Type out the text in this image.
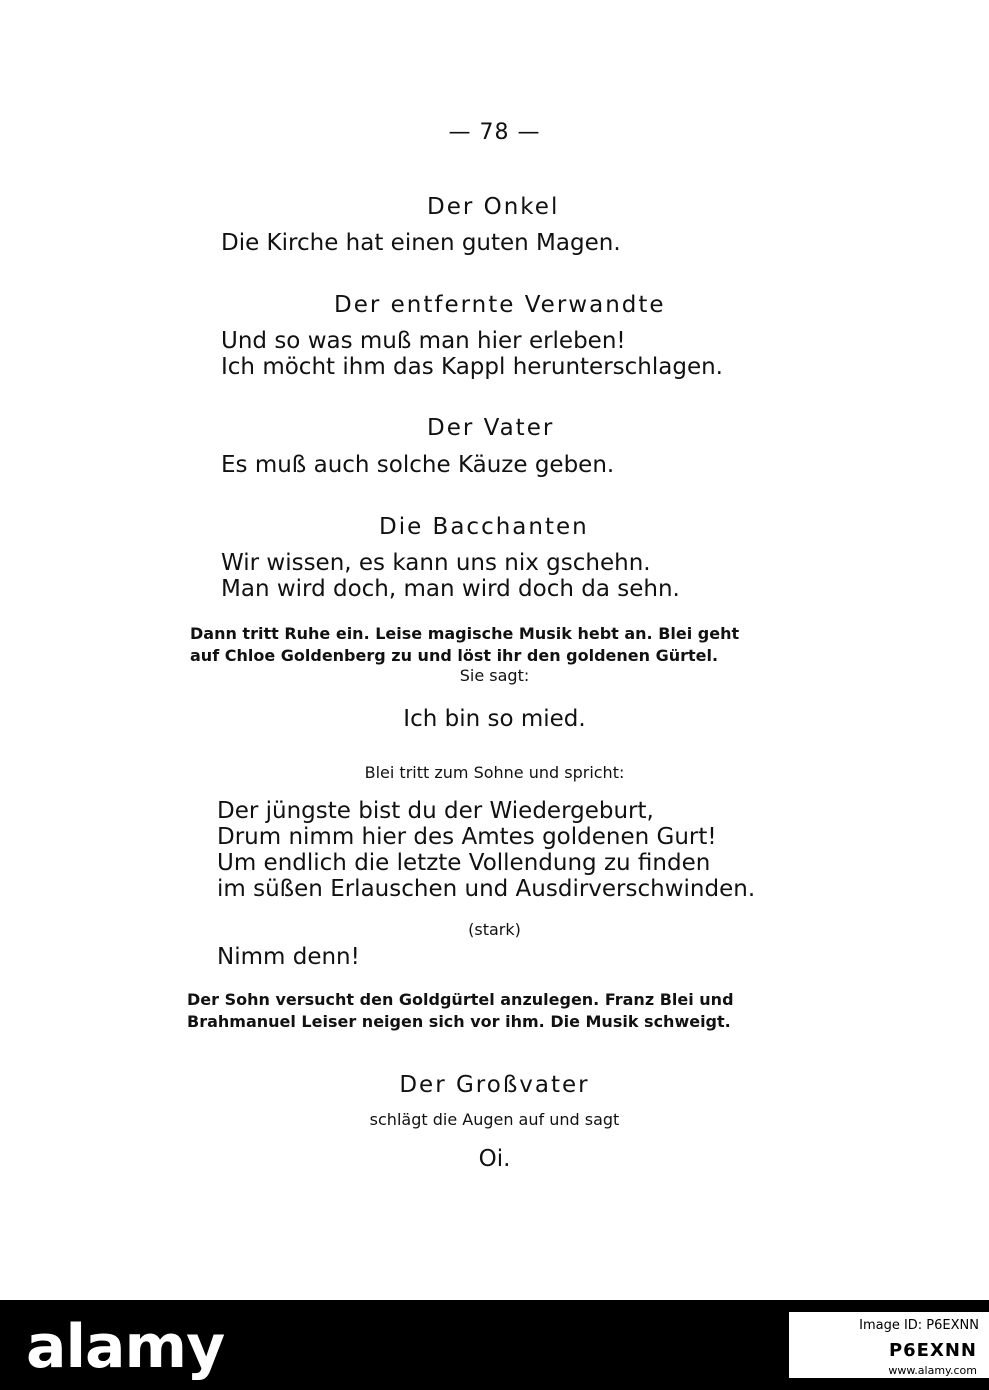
— 78 —
Der Onkel
Die Kirche hat einen guten Magen.
Der entfernte Verwandte
Und so was muß man hier erleben!
Ich möcht ihm das Kappl herunterschlagen.
Der Vater
Es muß auch solche Käuze geben.
Die Bacchanten
Wir wissen, es kann uns nix gschehn.
Man wird doch, man wird doch da sehn.
Dann tritt Ruhe ein. Leise magische Musik hebt an. Blei geht
auf Chloe Goldenberg zu und löst ihr den goldenen Gürtel.
Sie sagt:
Ich bin so mied.
Blei tritt zum Sohne und spricht:
Der jüngste bist du der Wiedergeburt,
Drum nimm hier des Amtes goldenen Gurt!
Um endlich die letzte Vollendung zu finden
im süßen Erlauschen und Ausdirverschwinden.
(stark)
Nimm denn!
Der Sohn versucht den Goldgürtel anzulegen. Franz Blei und
Brahmanuel Leiser neigen sich vor ihm. Die Musik schweigt.
Der Großvater
schlägt die Augen auf und sagt
Oi.
alamy	Image ID: P6EXNN
P6EXNN
www.alamy.com
